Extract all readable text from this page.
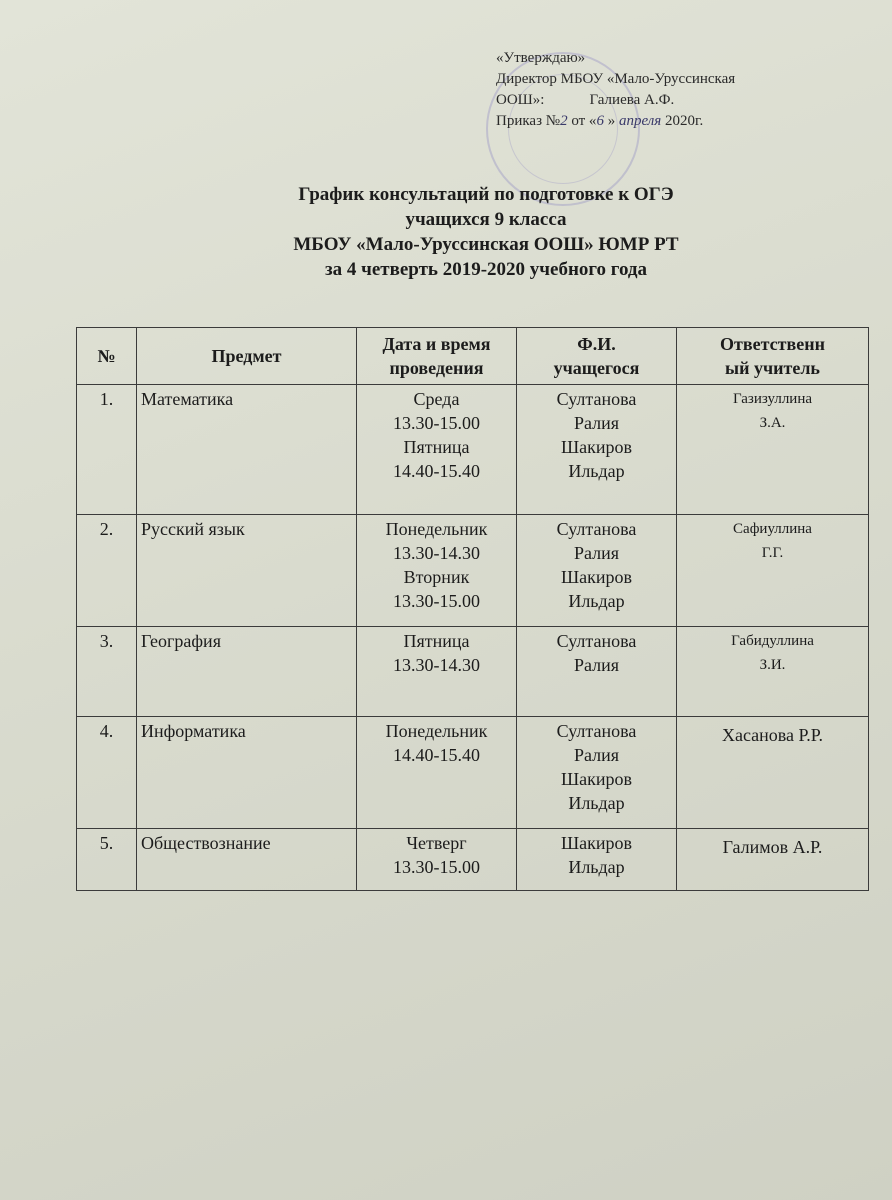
«Утверждаю»
Директор МБОУ «Мало-Уруссинская
ООШ»:	Галиева А.Ф.
Приказ №2 от «6 » апреля 2020г.
График консультаций по подготовке к ОГЭ
учащихся 9 класса
МБОУ «Мало-Уруссинская ООШ» ЮМР РТ
за 4 четверть 2019-2020 учебного года
№	Предмет	Дата и время
проведения	Ф.И.
учащегося	Ответственн
ый учитель

1.	Математика	Среда
13.30-15.00
Пятница
14.40-15.40	Султанова
Ралия
Шакиров
Ильдар	Газизуллина
З.А.

2.	Русский язык	Понедельник
13.30-14.30
Вторник
13.30-15.00	Султанова
Ралия
Шакиров
Ильдар	Сафиуллина
Г.Г.

3.	География	Пятница
13.30-14.30	Султанова
Ралия	Габидуллина
З.И.

4.	Информатика	Понедельник
14.40-15.40	Султанова
Ралия
Шакиров
Ильдар	Хасанова Р.Р.

5.	Обществознание	Четверг
13.30-15.00	Шакиров
Ильдар	Галимов А.Р.
